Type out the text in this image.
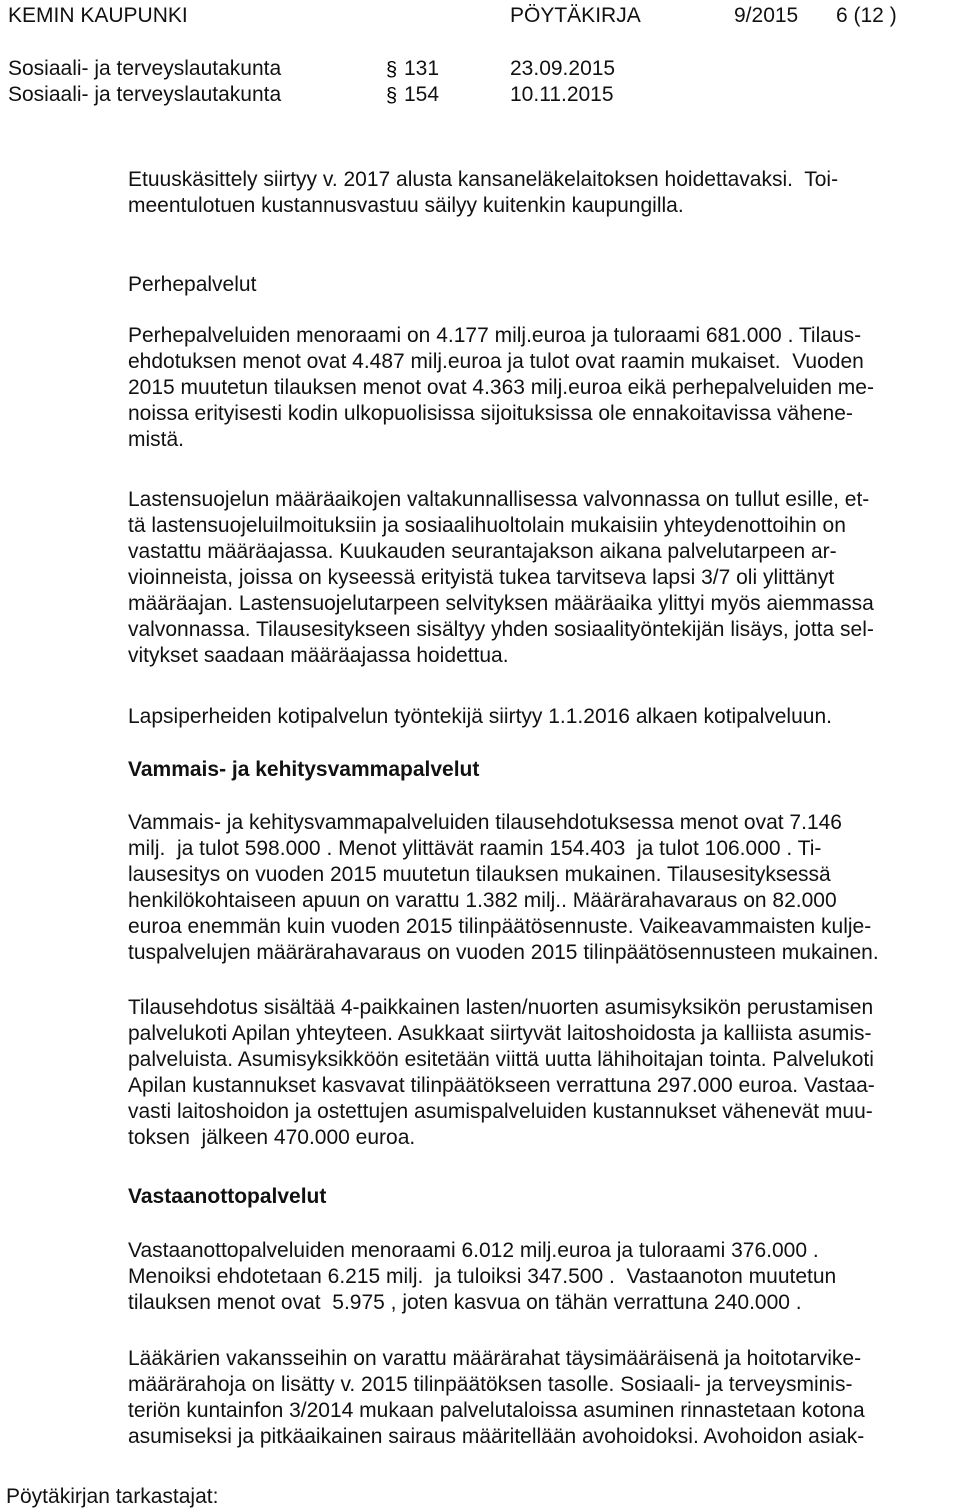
KEMIN KAUPUNKI	PÖYTÄKIRJA	9/2015 6 (12 )
Sosiaali- ja terveyslautakunta	131	23.09.2015
Sosiaali- ja terveyslautakunta	154	10.11.2015
§
§
Etuuskäsittely siirtyy v. 2017 alusta kansaneläkelaitoksen hoidettavaksi.  Toi-
meentulotuen kustannusvastuu säilyy kuitenkin kaupungilla.
Perhepalvelut
Perhepalveluiden menoraami on 4.177 milj.euroa ja tuloraami 681.000 . Tilaus-
ehdotuksen menot ovat 4.487 milj.euroa ja tulot ovat raamin mukaiset.  Vuoden
2015 muutetun tilauksen menot ovat 4.363 milj.euroa eikä perhepalveluiden me-
noissa erityisesti kodin ulkopuolisissa sijoituksissa ole ennakoitavissa vähene-
mistä.
Lastensuojelun määräaikojen valtakunnallisessa valvonnassa on tullut esille, et-
tä lastensuojeluilmoituksiin ja sosiaalihuoltolain mukaisiin yhteydenottoihin on
vastattu määräajassa. Kuukauden seurantajakson aikana palvelutarpeen ar-
vioinneista, joissa on kyseessä erityistä tukea tarvitseva lapsi 3/7 oli ylittänyt
määräajan. Lastensuojelutarpeen selvityksen määräaika ylittyi myös aiemmassa
valvonnassa. Tilausesitykseen sisältyy yhden sosiaalityöntekijän lisäys, jotta sel-
vitykset saadaan määräajassa hoidettua.
Lapsiperheiden kotipalvelun työntekijä siirtyy 1.1.2016 alkaen kotipalveluun.
Vammais- ja kehitysvammapalvelut
Vammais- ja kehitysvammapalveluiden tilausehdotuksessa menot ovat 7.146
milj.  ja tulot 598.000 . Menot ylittävät raamin 154.403  ja tulot 106.000 . Ti-
lausesitys on vuoden 2015 muutetun tilauksen mukainen. Tilausesityksessä
henkilökohtaiseen apuun on varattu 1.382 milj.. Määrärahavaraus on 82.000
euroa enemmän kuin vuoden 2015 tilinpäätösennuste. Vaikeavammaisten kulje-
tuspalvelujen määrärahavaraus on vuoden 2015 tilinpäätösennusteen mukainen.
Tilausehdotus sisältää 4-paikkainen lasten/nuorten asumisyksikön perustamisen
palvelukoti Apilan yhteyteen. Asukkaat siirtyvät laitoshoidosta ja kalliista asumis-
palveluista. Asumisyksikköön esitetään viittä uutta lähihoitajan tointa. Palvelukoti
Apilan kustannukset kasvavat tilinpäätökseen verrattuna 297.000 euroa. Vastaa-
vasti laitoshoidon ja ostettujen asumispalveluiden kustannukset vähenevät muu-
toksen  jälkeen 470.000 euroa.
Vastaanottopalvelut
Vastaanottopalveluiden menoraami 6.012 milj.euroa ja tuloraami 376.000 .
Menoiksi ehdotetaan 6.215 milj.  ja tuloiksi 347.500 .  Vastaanoton muutetun
tilauksen menot ovat  5.975 , joten kasvua on tähän verrattuna 240.000 .
Lääkärien vakansseihin on varattu määrärahat täysimääräisenä ja hoitotarvike-
määrärahoja on lisätty v. 2015 tilinpäätöksen tasolle. Sosiaali- ja terveysminis-
teriön kuntainfon 3/2014 mukaan palvelutaloissa asuminen rinnastetaan kotona
asumiseksi ja pitkäaikainen sairaus määritellään avohoidoksi. Avohoidon asiak-
Pöytäkirjan tarkastajat:
